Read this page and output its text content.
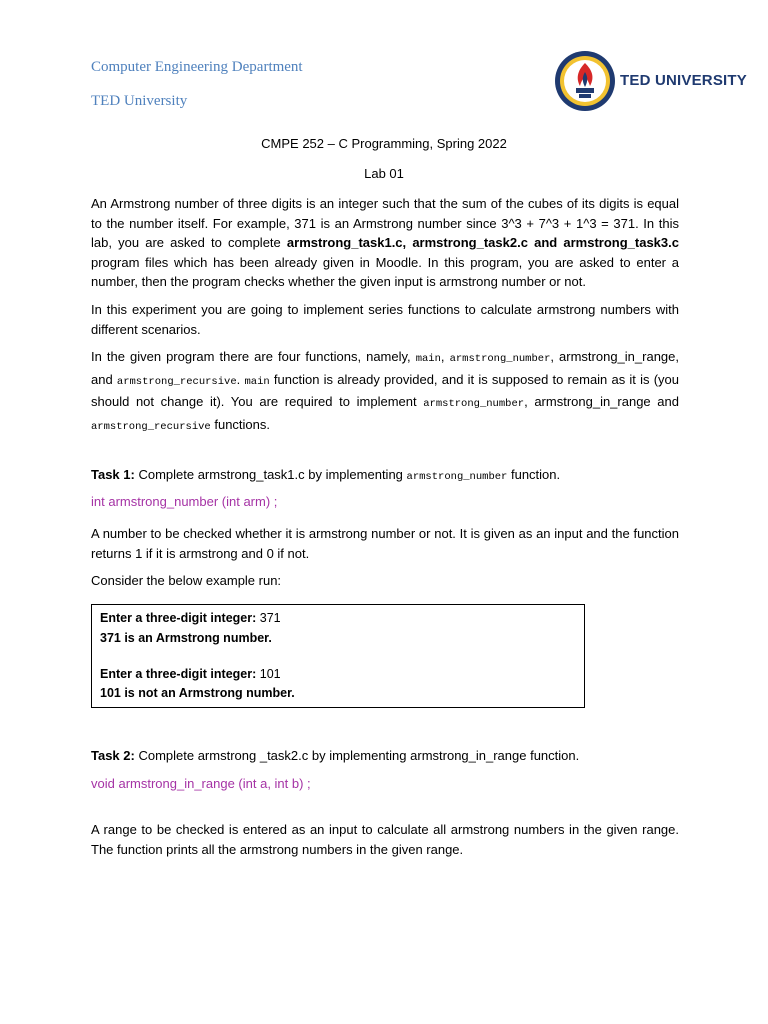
Computer Engineering Department
TED University
TED UNIVERSITY
CMPE 252 – C Programming, Spring 2022
Lab 01
An Armstrong number of three digits is an integer such that the sum of the cubes of its digits is equal to the number itself. For example, 371 is an Armstrong number since 3^3 + 7^3 + 1^3 = 371. In this lab, you are asked to complete armstrong_task1.c, armstrong_task2.c and armstrong_task3.c program files which has been already given in Moodle. In this program, you are asked to enter a number, then the program checks whether the given input is armstrong number or not.
In this experiment you are going to implement series functions to calculate armstrong numbers with different scenarios.
In the given program there are four functions, namely, main, armstrong_number, armstrong_in_range, and armstrong_recursive. main function is already provided, and it is supposed to remain as it is (you should not change it). You are required to implement armstrong_number, armstrong_in_range and armstrong_recursive functions.
Task 1: Complete armstrong_task1.c by implementing armstrong_number function.
int armstrong_number (int arm) ;
A number to be checked whether it is armstrong number or not. It is given as an input and the function returns 1 if it is armstrong and 0 if not.
Consider the below example run:
Enter a three-digit integer: 371
371 is an Armstrong number.
Enter a three-digit integer: 101
101 is not an Armstrong number.
Task 2: Complete armstrong _task2.c by implementing armstrong_in_range function.
void armstrong_in_range (int a, int b) ;
A range to be checked is entered as an input to calculate all armstrong numbers in the given range. The function prints all the armstrong numbers in the given range.
